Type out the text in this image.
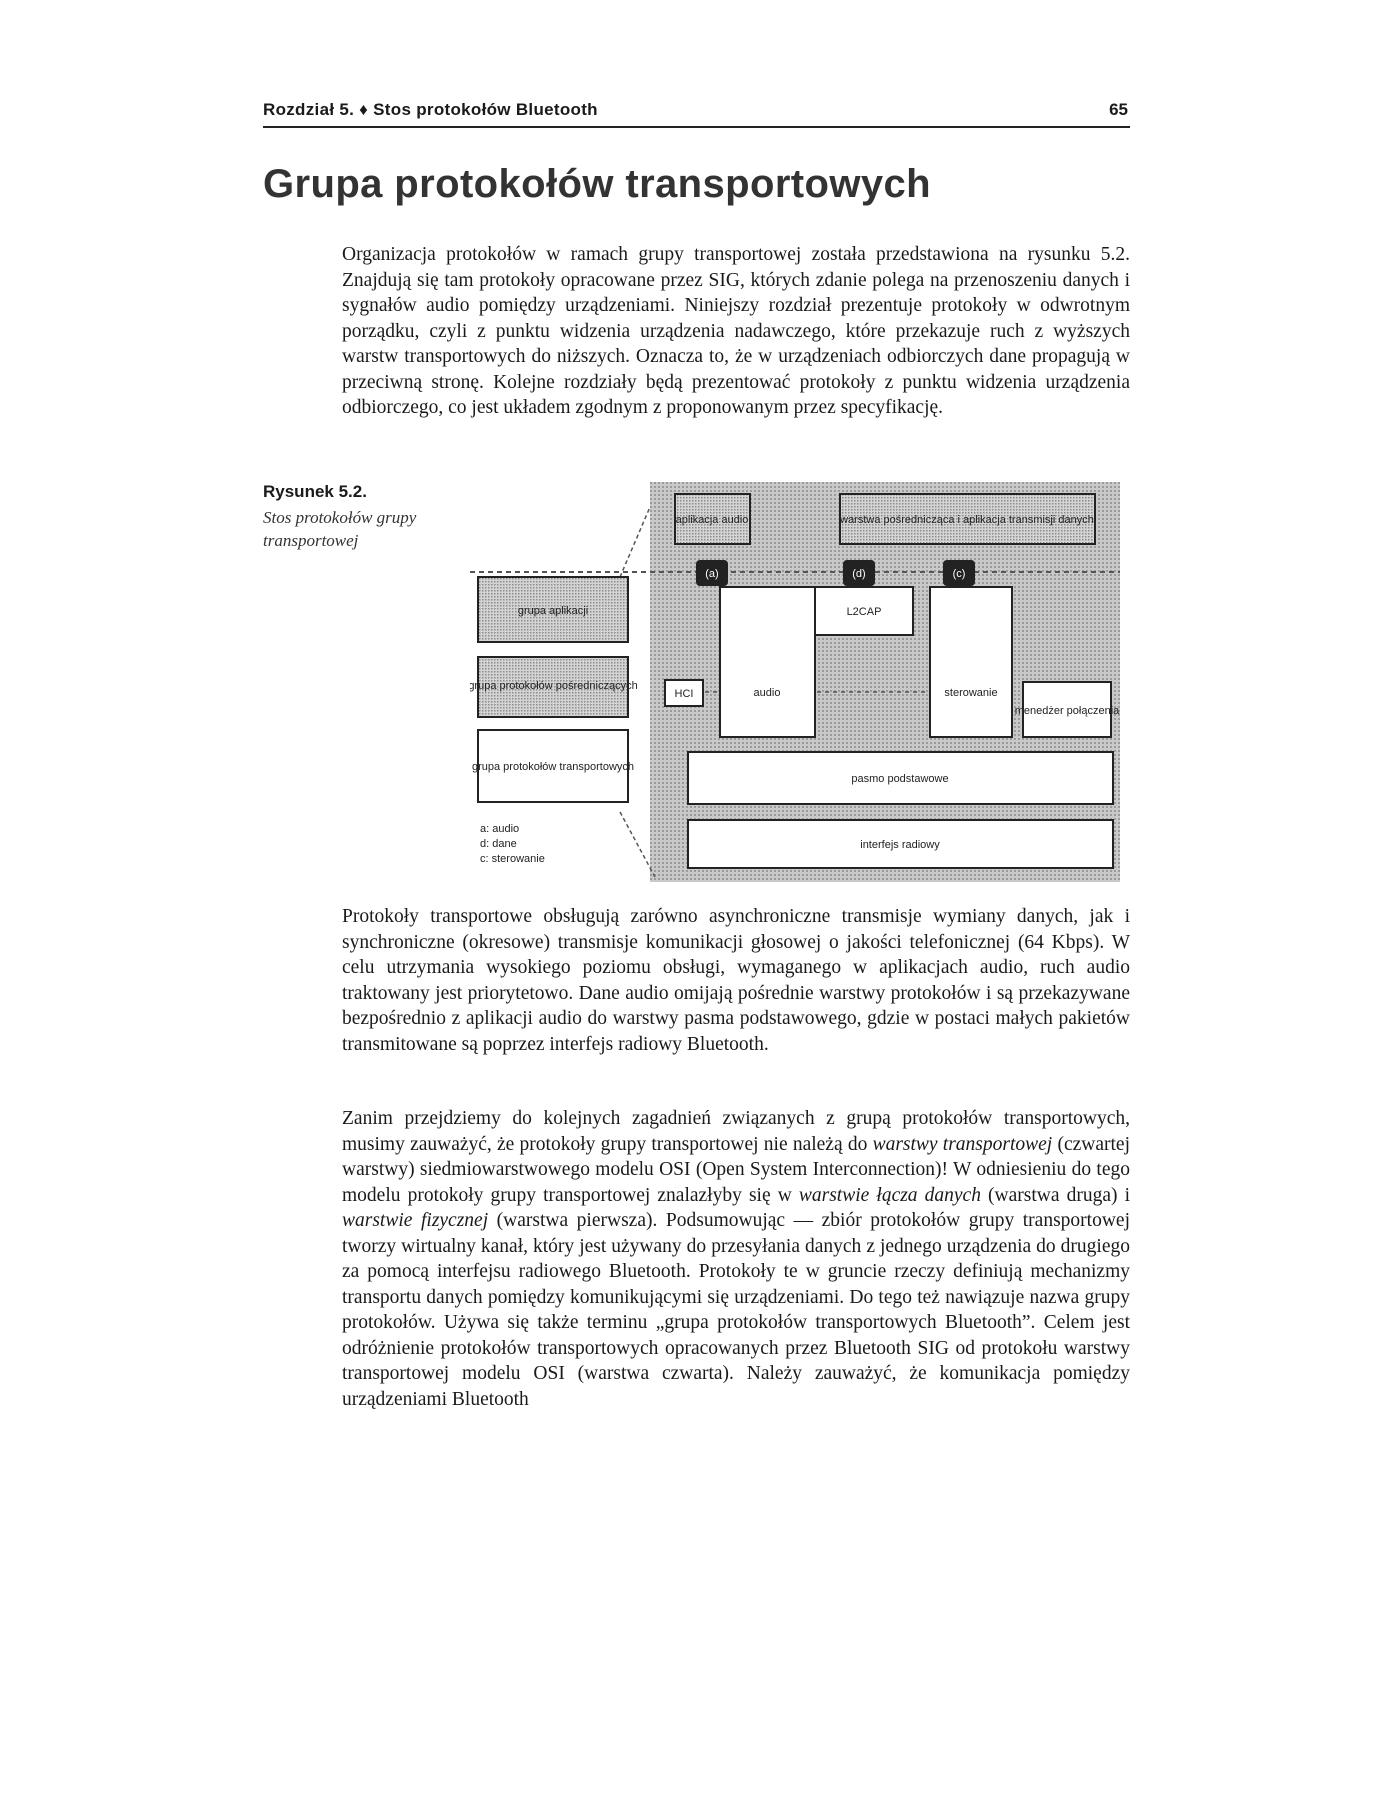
Rozdział 5. ♦ Stos protokołów Bluetooth	65
Grupa protokołów transportowych

Organizacja protokołów w ramach grupy transportowej została przedstawiona na rysunku 5.2. Znajdują się tam protokoły opracowane przez SIG, których zdanie polega na przenoszeniu danych i sygnałów audio pomiędzy urządzeniami. Niniejszy rozdział prezentuje protokoły w odwrotnym porządku, czyli z punktu widzenia urządzenia nadawczego, które przekazuje ruch z wyższych warstw transportowych do niższych. Oznacza to, że w urządzeniach odbiorczych dane propagują w przeciwną stronę. Kolejne rozdziały będą prezentować protokoły z punktu widzenia urządzenia odbiorczego, co jest układem zgodnym z proponowanym przez specyfikację.

Rysunek 5.2.
Stos protokołów grupy transportowej
grupa aplikacji
grupa protokołów pośredniczących
grupa protokołów transportowych
aplikacja audio	warstwa pośrednicząca i aplikacja transmisji danych
(a)	(d)	(c)
HCI	audio
L2CAP
sterowanie
menedżer połączenia
pasmo podstawowe
interfejs radiowy
a: audio
d: dane
c: sterowanie

Protokoły transportowe obsługują zarówno asynchroniczne transmisje wymiany danych, jak i synchroniczne (okresowe) transmisje komunikacji głosowej o jakości telefonicznej (64 Kbps). W celu utrzymania wysokiego poziomu obsługi, wymaganego w aplikacjach audio, ruch audio traktowany jest priorytetowo. Dane audio omijają pośrednie warstwy protokołów i są przekazywane bezpośrednio z aplikacji audio do warstwy pasma podstawowego, gdzie w postaci małych pakietów transmitowane są poprzez interfejs radiowy Bluetooth.

Zanim przejdziemy do kolejnych zagadnień związanych z grupą protokołów transportowych, musimy zauważyć, że protokoły grupy transportowej nie należą do warstwy transportowej (czwartej warstwy) siedmiowarstwowego modelu OSI (Open System Interconnection)! W odniesieniu do tego modelu protokoły grupy transportowej znalazłyby się w warstwie łącza danych (warstwa druga) i warstwie fizycznej (warstwa pierwsza). Podsumowując — zbiór protokołów grupy transportowej tworzy wirtualny kanał, który jest używany do przesyłania danych z jednego urządzenia do drugiego za pomocą interfejsu radiowego Bluetooth. Protokoły te w gruncie rzeczy definiują mechanizmy transportu danych pomiędzy komunikującymi się urządzeniami. Do tego też nawiązuje nazwa grupy protokołów. Używa się także terminu „grupa protokołów transportowych Bluetooth”. Celem jest odróżnienie protokołów transportowych opracowanych przez Bluetooth SIG od protokołu warstwy transportowej modelu OSI (warstwa czwarta). Należy zauważyć, że komunikacja pomiędzy urządzeniami Bluetooth
